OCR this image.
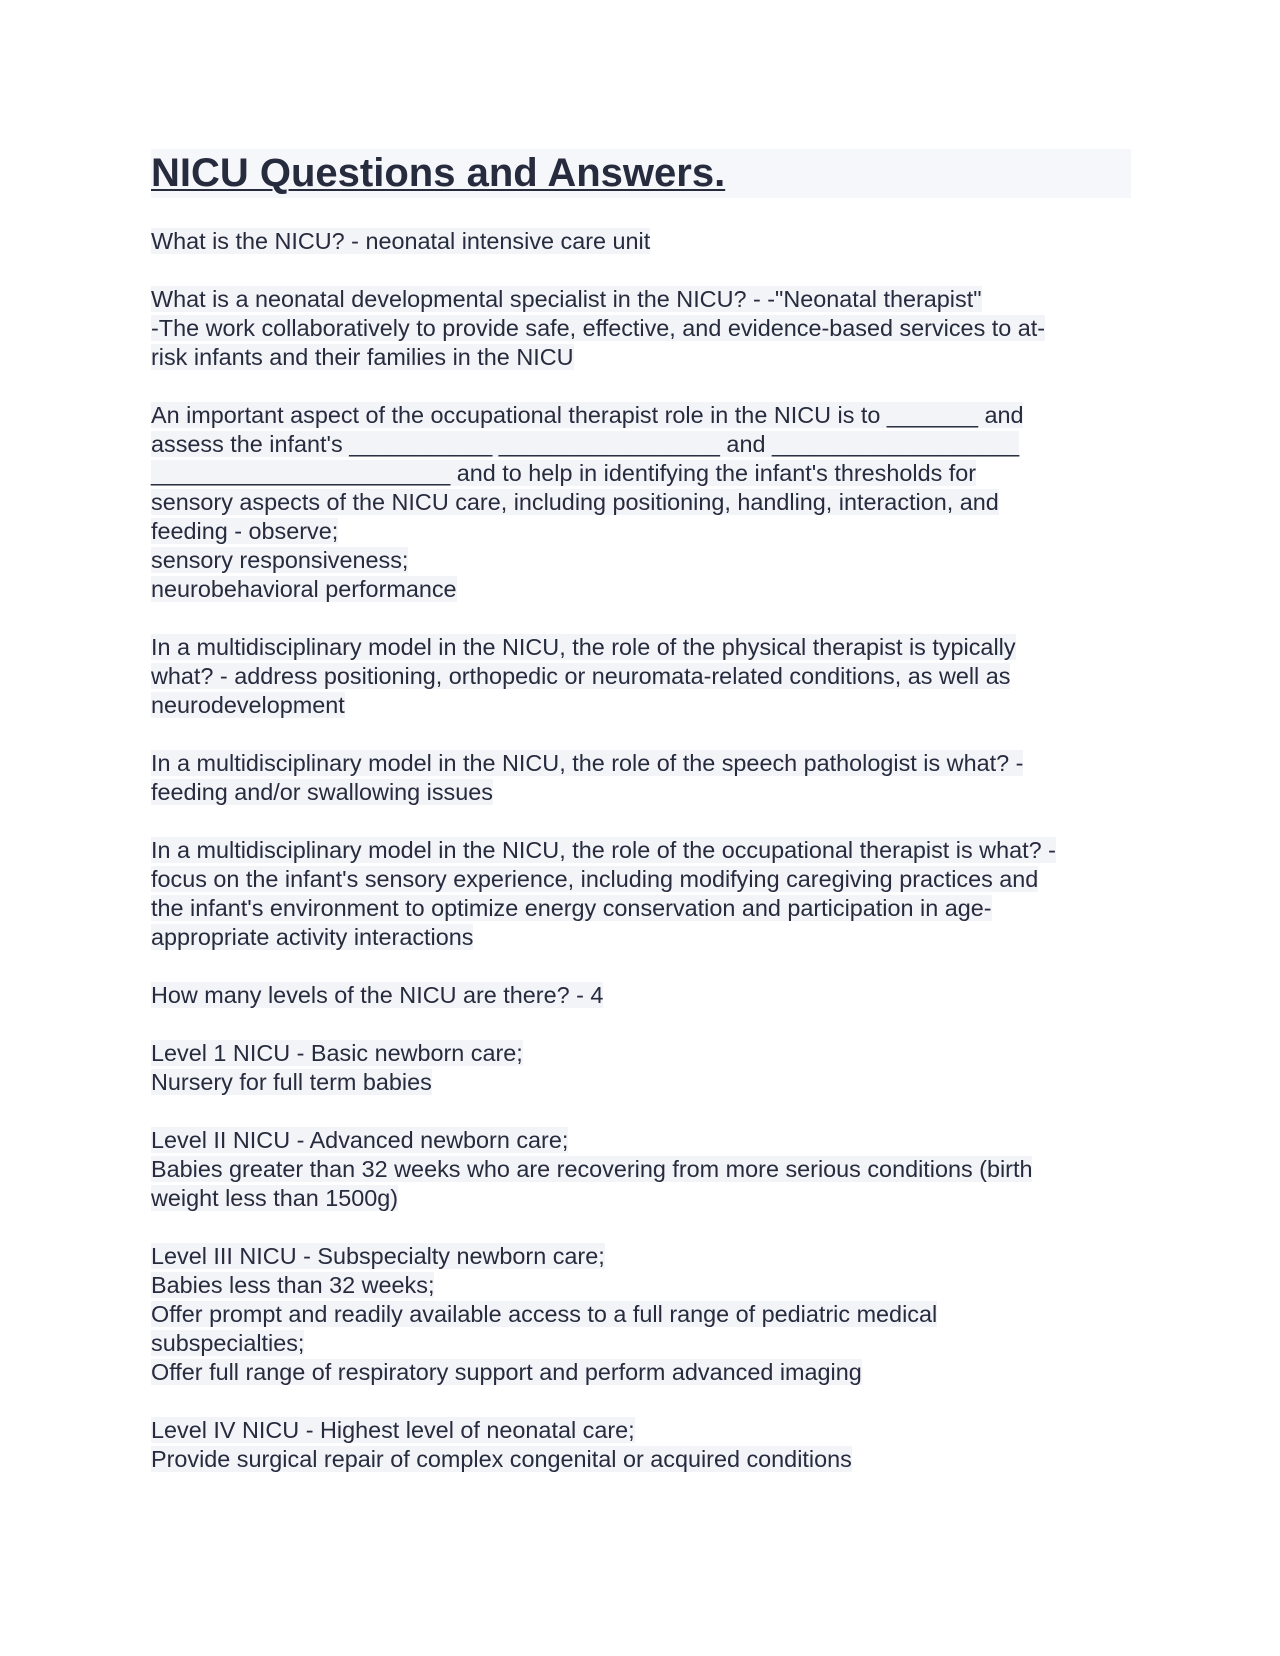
NICU Questions and Answers.
What is the NICU? - neonatal intensive care unit
What is a neonatal developmental specialist in the NICU? - -"Neonatal therapist"
-The work collaboratively to provide safe, effective, and evidence-based services to at-
risk infants and their families in the NICU
An important aspect of the occupational therapist role in the NICU is to _______ and
assess the infant's ___________ _________________ and ___________________
_______________________ and to help in identifying the infant's thresholds for
sensory aspects of the NICU care, including positioning, handling, interaction, and
feeding - observe;
sensory responsiveness;
neurobehavioral performance
In a multidisciplinary model in the NICU, the role of the physical therapist is typically
what? - address positioning, orthopedic or neuromata-related conditions, as well as
neurodevelopment
In a multidisciplinary model in the NICU, the role of the speech pathologist is what? -
feeding and/or swallowing issues
In a multidisciplinary model in the NICU, the role of the occupational therapist is what? -
focus on the infant's sensory experience, including modifying caregiving practices and
the infant's environment to optimize energy conservation and participation in age-
appropriate activity interactions
How many levels of the NICU are there? - 4
Level 1 NICU - Basic newborn care;
Nursery for full term babies
Level II NICU - Advanced newborn care;
Babies greater than 32 weeks who are recovering from more serious conditions (birth
weight less than 1500g)
Level III NICU - Subspecialty newborn care;
Babies less than 32 weeks;
Offer prompt and readily available access to a full range of pediatric medical
subspecialties;
Offer full range of respiratory support and perform advanced imaging
Level IV NICU - Highest level of neonatal care;
Provide surgical repair of complex congenital or acquired conditions
